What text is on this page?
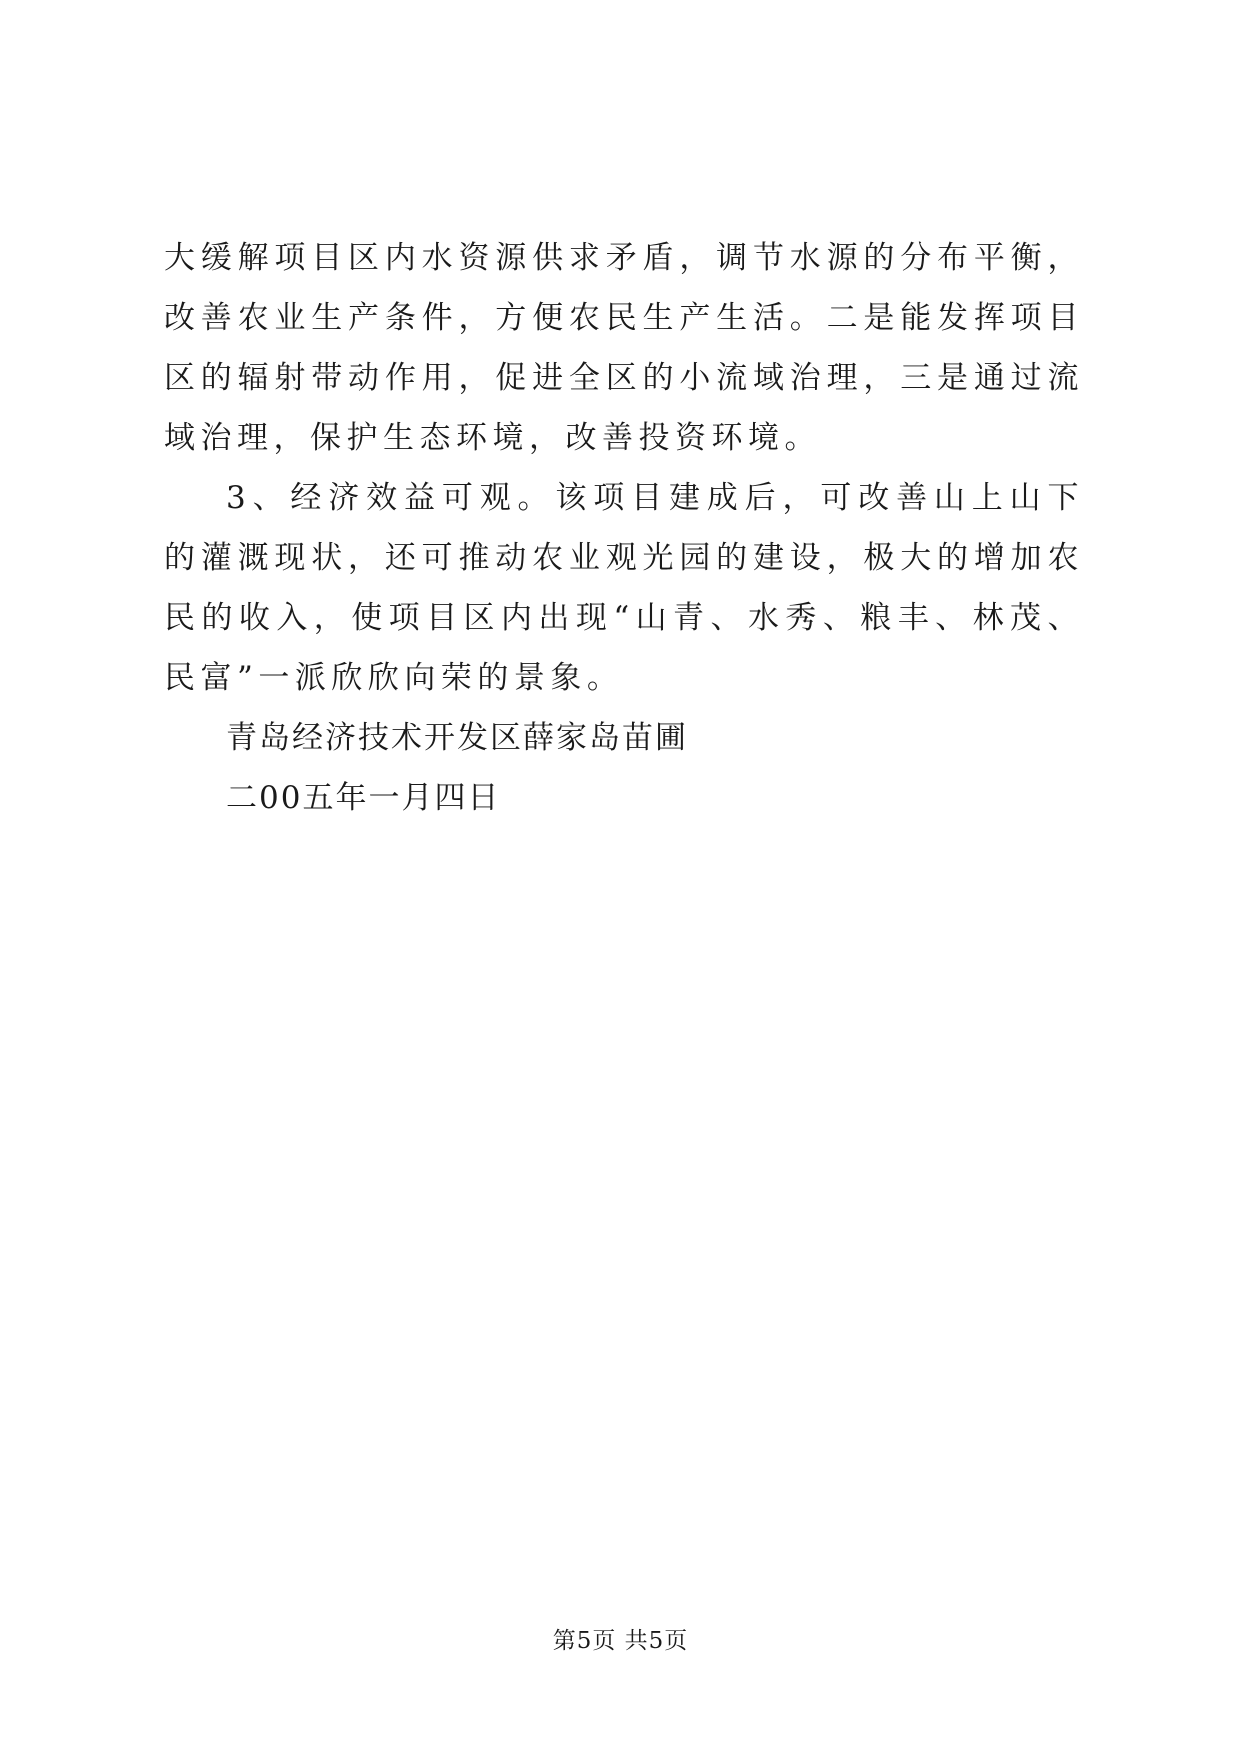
大缓解项目区内水资源供求矛盾，调节水源的分布平衡，改善农业生产条件，方便农民生产生活。二是能发挥项目区的辐射带动作用，促进全区的小流域治理，三是通过流域治理，保护生态环境，改善投资环境。

3、经济效益可观。该项目建成后，可改善山上山下的灌溉现状，还可推动农业观光园的建设，极大的增加农民的收入，使项目区内出现“山青、水秀、粮丰、林茂、民富”一派欣欣向荣的景象。

青岛经济技术开发区薛家岛苗圃

二00五年一月四日

第5页 共5页
